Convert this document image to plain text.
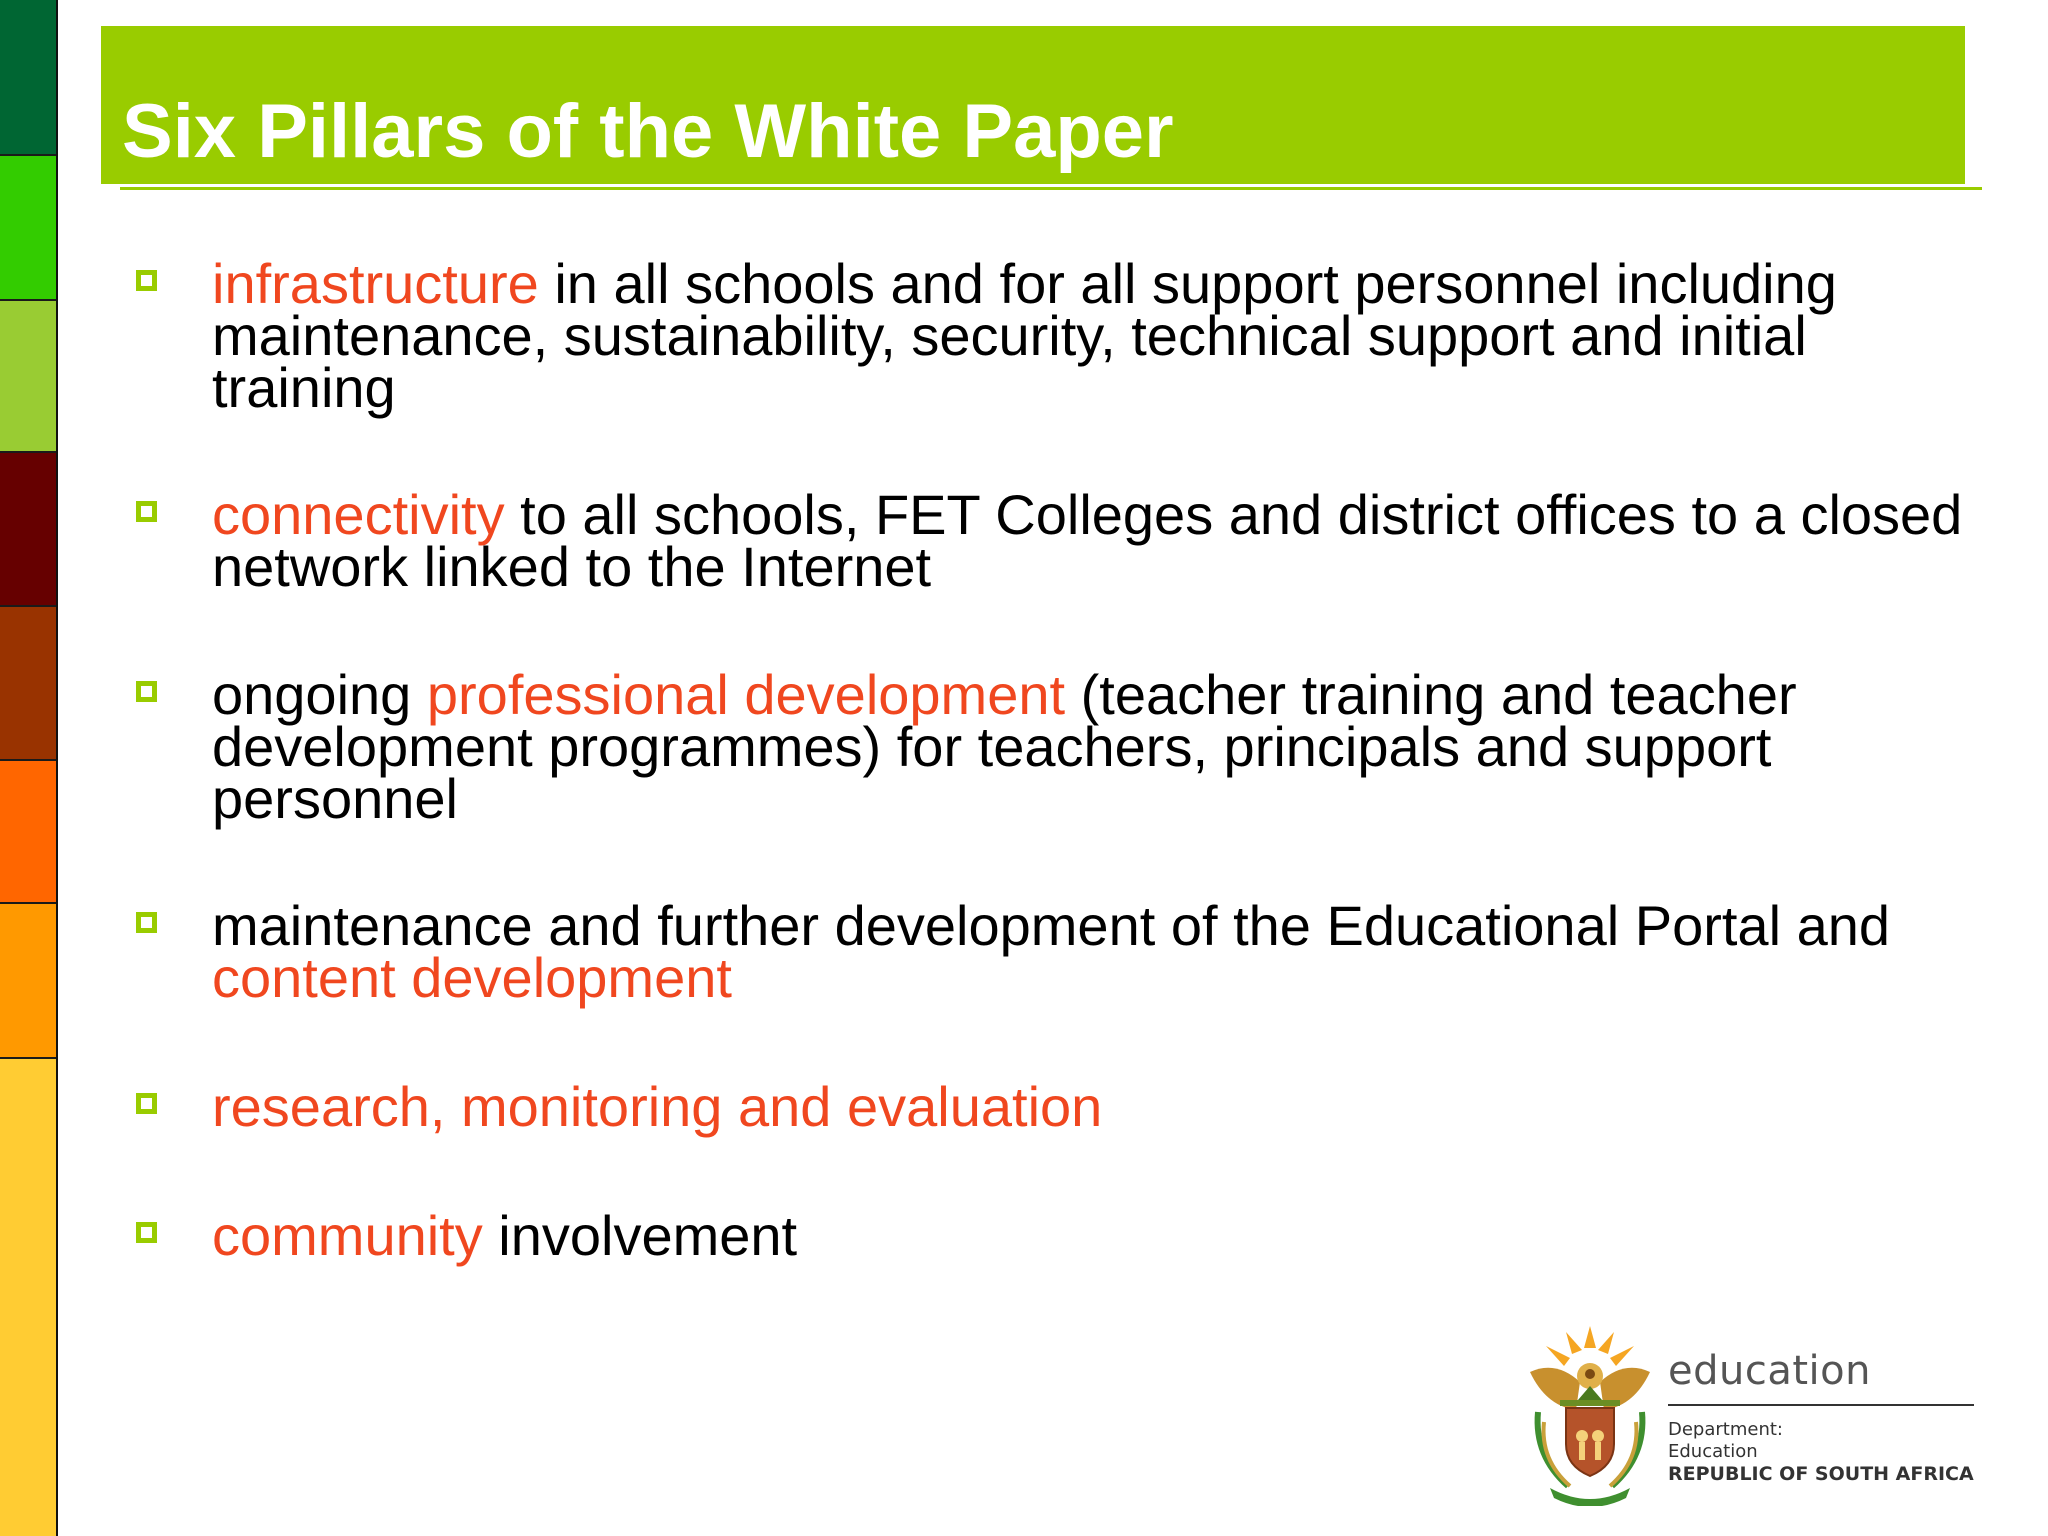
Six Pillars of the White Paper
infrastructure in all schools and for all support personnel including maintenance, sustainability, security, technical support and initial training
connectivity to all schools, FET Colleges and district offices to a closed network linked to the Internet
ongoing professional development (teacher training and teacher development programmes) for teachers, principals and support personnel
maintenance and further development of the Educational Portal and content development
research, monitoring and evaluation
community involvement
education
Department:
Education
REPUBLIC OF SOUTH AFRICA
